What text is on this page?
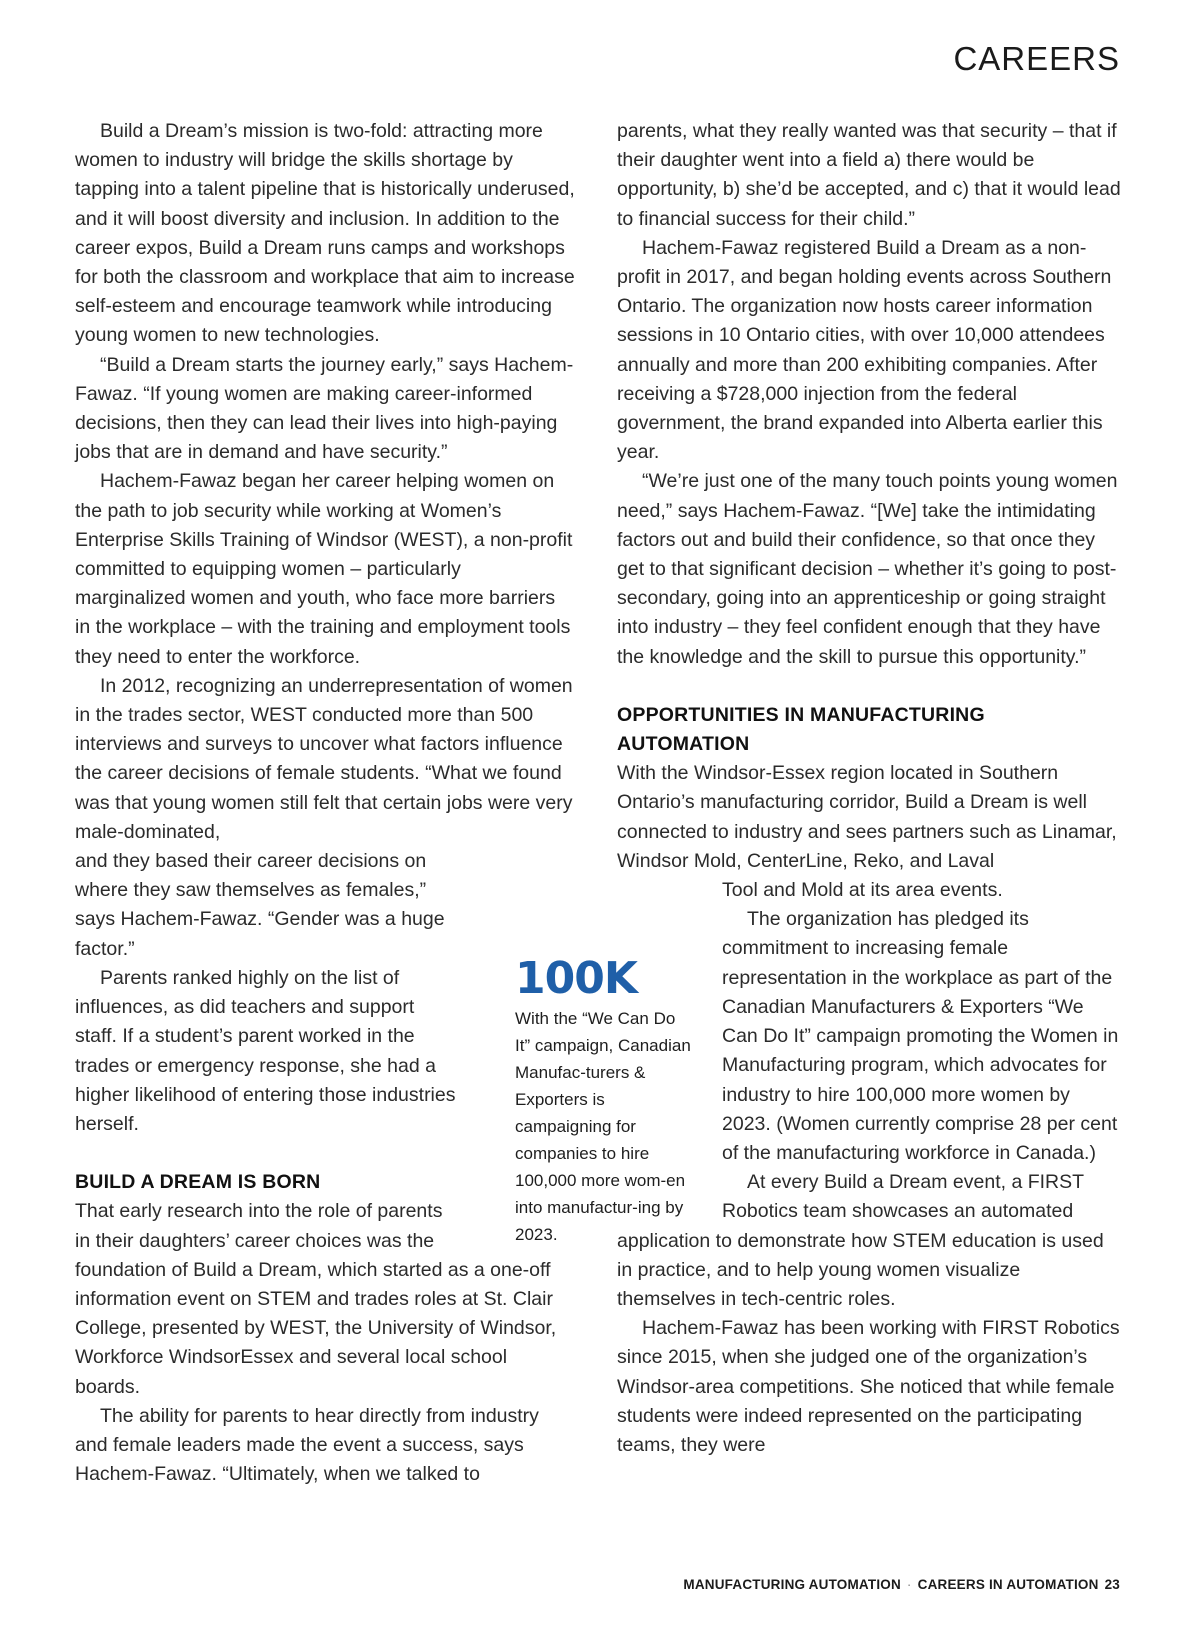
CAREERS

Build a Dream’s mission is two-fold: attracting more women to industry will bridge the skills shortage by tapping into a talent pipeline that is historically underused, and it will boost diversity and inclusion. In addition to the career expos, Build a Dream runs camps and workshops for both the classroom and workplace that aim to increase self-esteem and encourage teamwork while introducing young women to new technologies.

“Build a Dream starts the journey early,” says Hachem-Fawaz. “If young women are making career-informed decisions, then they can lead their lives into high-paying jobs that are in demand and have security.”

Hachem-Fawaz began her career helping women on the path to job security while working at Women’s Enterprise Skills Training of Windsor (WEST), a non-profit committed to equipping women – particularly marginalized women and youth, who face more barriers in the workplace – with the training and employment tools they need to enter the workforce.

In 2012, recognizing an underrepresentation of women in the trades sector, WEST conducted more than 500 interviews and surveys to uncover what factors influence the career decisions of female students. “What we found was that young women still felt that certain jobs were very male-dominated,

and they based their career decisions on where they saw themselves as females,” says Hachem-Fawaz. “Gender was a huge factor.”

Parents ranked highly on the list of influences, as did teachers and support staff. If a student’s parent worked in the trades or emergency response, she had a higher likelihood of entering those industries herself.

BUILD A DREAM IS BORN

That early research into the role of parents in their daughters’ career choices was the

foundation of Build a Dream, which started as a one-off information event on STEM and trades roles at St. Clair College, presented by WEST, the University of Windsor, Workforce WindsorEssex and several local school boards.

The ability for parents to hear directly from industry and female leaders made the event a success, says Hachem-Fawaz. “Ultimately, when we talked to

parents, what they really wanted was that security – that if their daughter went into a field a) there would be opportunity, b) she’d be accepted, and c) that it would lead to financial success for their child.”

Hachem-Fawaz registered Build a Dream as a non-profit in 2017, and began holding events across Southern Ontario. The organization now hosts career information sessions in 10 Ontario cities, with over 10,000 attendees annually and more than 200 exhibiting companies. After receiving a $728,000 injection from the federal government, the brand expanded into Alberta earlier this year.

“We’re just one of the many touch points young women need,” says Hachem-Fawaz. “[We] take the intimidating factors out and build their confidence, so that once they get to that significant decision – whether it’s going to post-secondary, going into an apprenticeship or going straight into industry – they feel confident enough that they have the knowledge and the skill to pursue this opportunity.”

OPPORTUNITIES IN MANUFACTURING AUTOMATION

With the Windsor-Essex region located in Southern Ontario’s manufacturing corridor, Build a Dream is well connected to industry and sees partners such as Linamar, Windsor Mold, CenterLine, Reko, and Laval

Tool and Mold at its area events.

The organization has pledged its commitment to increasing female representation in the workplace as part of the Canadian Manufacturers & Exporters “We Can Do It” campaign promoting the Women in Manufacturing program, which advocates for industry to hire 100,000 more women by 2023. (Women currently comprise 28 per cent of the manufacturing workforce in Canada.)

At every Build a Dream event, a FIRST Robotics team showcases an automated

application to demonstrate how STEM education is used in practice, and to help young women visualize themselves in tech-centric roles.

Hachem-Fawaz has been working with FIRST Robotics since 2015, when she judged one of the organization’s Windsor-area competitions. She noticed that while female students were indeed represented on the participating teams, they were

100K
With the “We Can Do It” campaign, Canadian Manufac-turers & Exporters is campaigning for companies to hire 100,000 more wom-en into manufactur-ing by 2023.
MANUFACTURING AUTOMATION · CAREERS IN AUTOMATION 23
